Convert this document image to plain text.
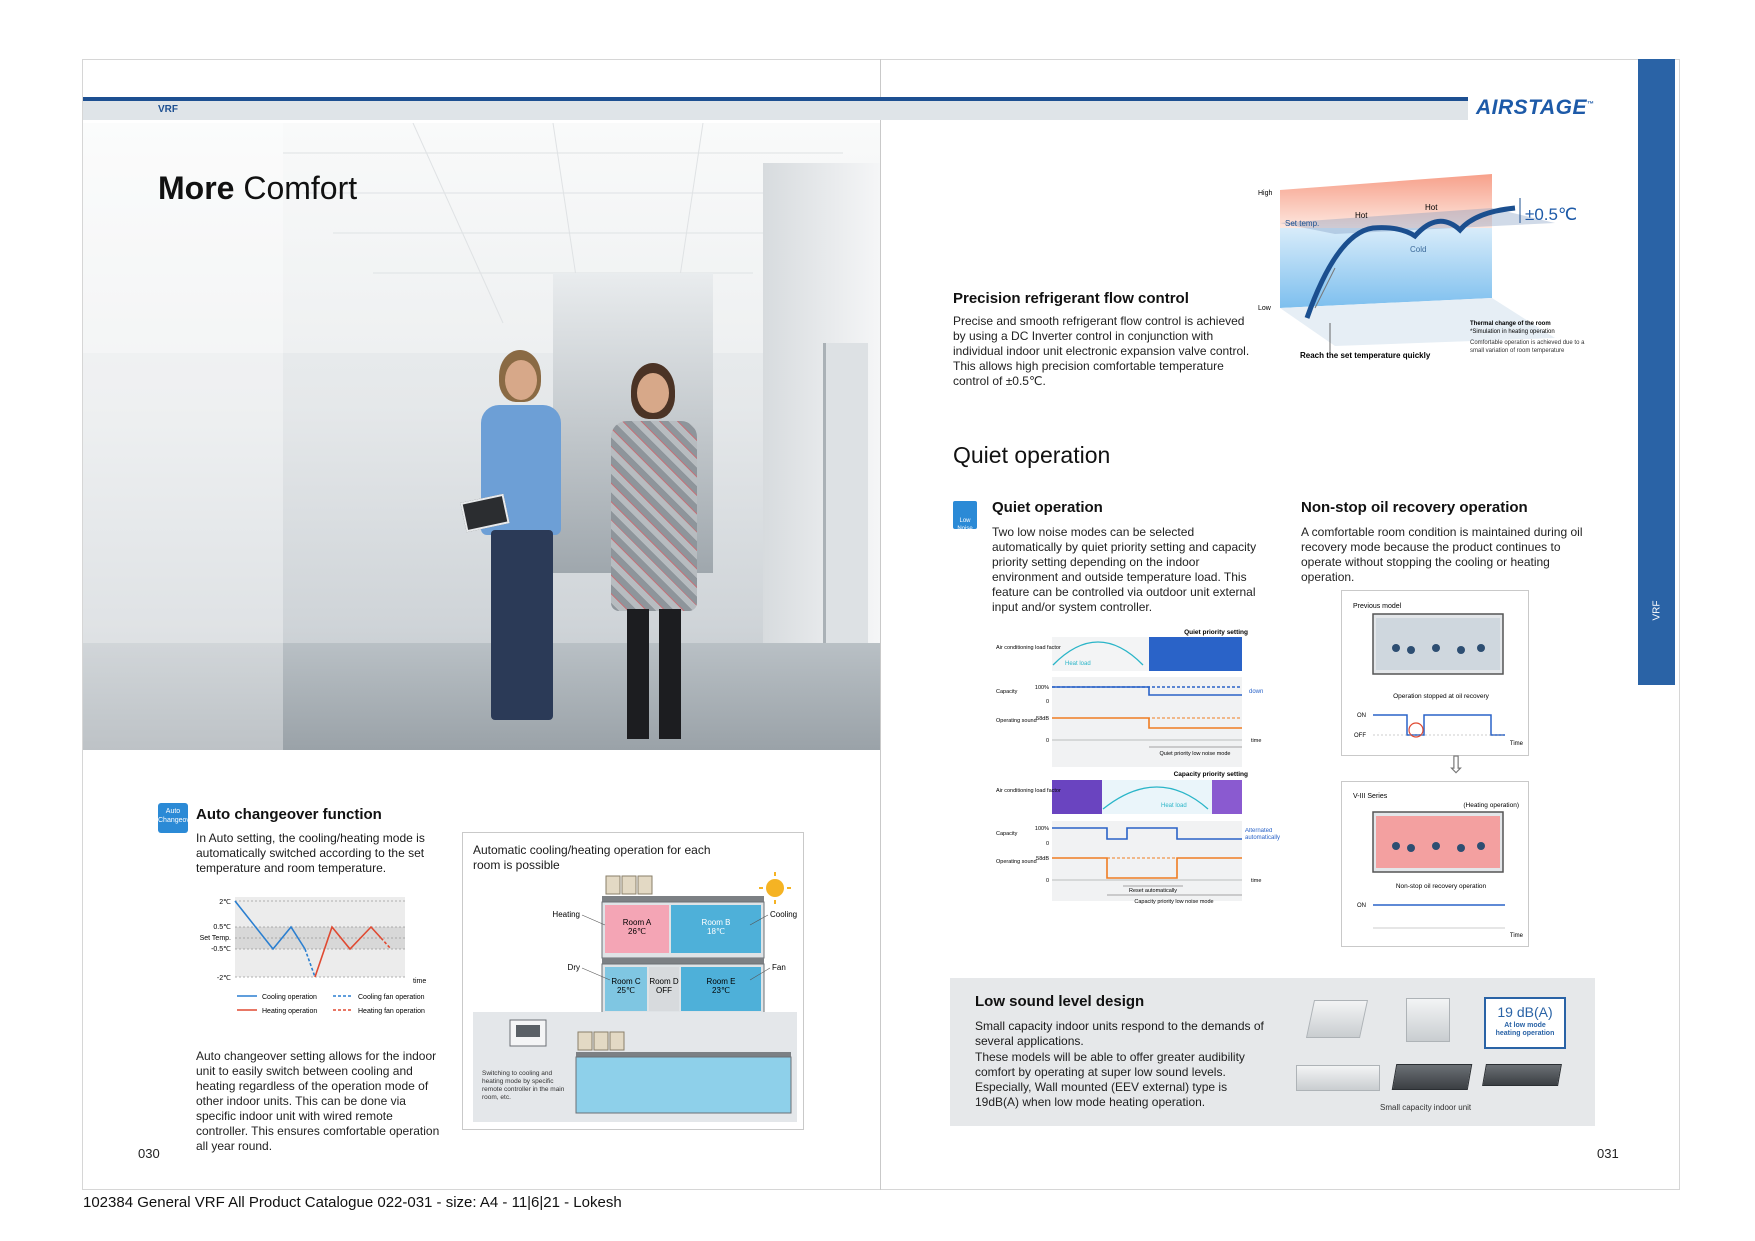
VRF	AIRSTAGE™
VRF
More Comfort
Auto Changeover Auto changeover function
In Auto setting, the cooling/heating mode is automatically switched according to the set temperature and room temperature.
2℃
0.5℃
Set Temp.
-0.5℃
-2℃	time
Cooling operation	Cooling fan operation
Heating operation	Heating fan operation
Auto changeover setting allows for the indoor unit to easily switch between cooling and heating regardless of the operation mode of other indoor units. This can be done via specific indoor unit with wired remote controller. This ensures comfortable operation all year round.
Automatic cooling/heating operation for each room is possible
Room A
26℃
Room B
18℃
Room C
25℃
Room D
OFF
Room E
23℃
Heating	Cooling
Dry	Fan
Switching to cooling and heating mode by specific remote controller in the main room, etc.
030
Precision refrigerant flow control
Precise and smooth refrigerant flow control is achieved by using a DC Inverter control in conjunction with individual indoor unit electronic expansion valve control. This allows high precision comfortable temperature control of ±0.5℃.
High
Low
Set temp.
Hot
Hot
Cold
±0.5℃
Reach the set temperature quickly
Thermal change of the room
*Simulation in heating operation
Comfortable operation is achieved due to a small variation of room temperature
Quiet operation
Low Noise
Quiet operation
Two low noise modes can be selected automatically by quiet priority setting and capacity priority setting depending on the indoor environment and outside temperature load. This feature can be controlled via outdoor unit external input and/or system controller.
Quiet priority setting
Air conditioning load factor
Capacity
Operating sound
Heat load
100%
0
58dB
0
down
time
Quiet priority low noise mode
Capacity priority setting
Air conditioning load factor
Capacity
Operating sound
Heat load
100%
0
58dB
0
Alternated automatically
time
Reset automatically
Capacity priority low noise mode
Non-stop oil recovery operation
A comfortable room condition is maintained during oil recovery mode because the product continues to operate without stopping the cooling or heating operation.
⇩
Previous model
Operation stopped at oil recovery
ON
OFF
Time
V-III Series
(Heating operation)
Non-stop oil recovery operation
ON
Time
Low sound level design
Small capacity indoor units respond to the demands of several applications.
These models will be able to offer greater audibility comfort by operating at super low sound levels. Especially, Wall mounted (EEV external) type is 19dB(A) when low mode heating operation.
19 dB(A)
At low mode heating operation
Small capacity indoor unit
031
102384 General VRF All Product Catalogue 022-031 - size: A4 - 11|6|21 - Lokesh
